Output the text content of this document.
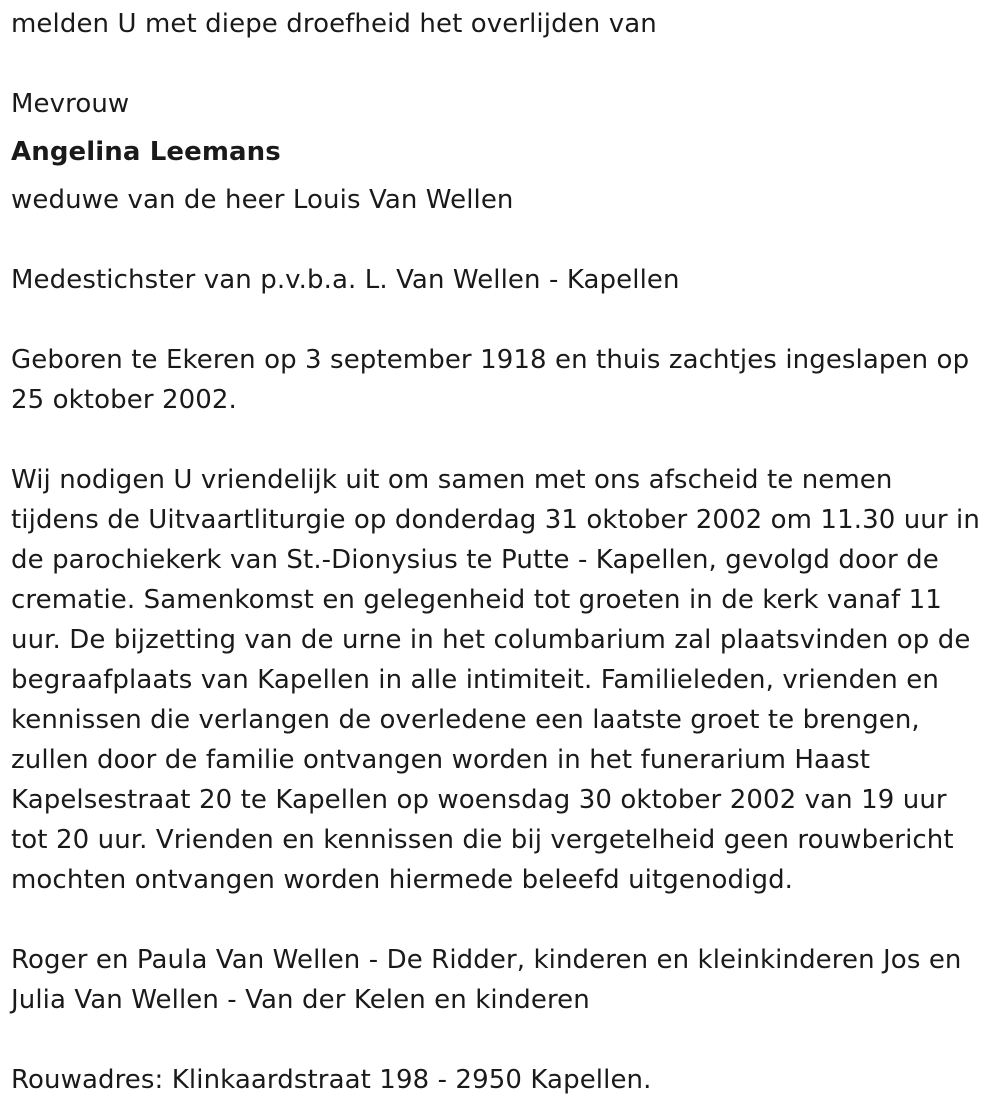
melden U met diepe droefheid het overlijden van

Mevrouw

Angelina Leemans

weduwe van de heer Louis Van Wellen

Medestichster van p.v.b.a. L. Van Wellen - Kapellen

Geboren te Ekeren op 3 september 1918 en thuis zachtjes ingeslapen op 25 oktober 2002.

Wij nodigen U vriendelijk uit om samen met ons afscheid te nemen tijdens de Uitvaartliturgie op donderdag 31 oktober 2002 om 11.30 uur in de parochiekerk van St.-Dionysius te Putte - Kapellen, gevolgd door de crematie. Samenkomst en gelegenheid tot groeten in de kerk vanaf 11 uur. De bijzetting van de urne in het columbarium zal plaatsvinden op de begraafplaats van Kapellen in alle intimiteit. Familieleden, vrienden en kennissen die verlangen de overledene een laatste groet te brengen, zullen door de familie ontvangen worden in het funerarium Haast Kapelsestraat 20 te Kapellen op woensdag 30 oktober 2002 van 19 uur tot 20 uur. Vrienden en kennissen die bij vergetelheid geen rouwbericht mochten ontvangen worden hiermede beleefd uitgenodigd.

Roger en Paula Van Wellen - De Ridder, kinderen en kleinkinderen Jos en Julia Van Wellen - Van der Kelen en kinderen

Rouwadres: Klinkaardstraat 198 - 2950 Kapellen.
